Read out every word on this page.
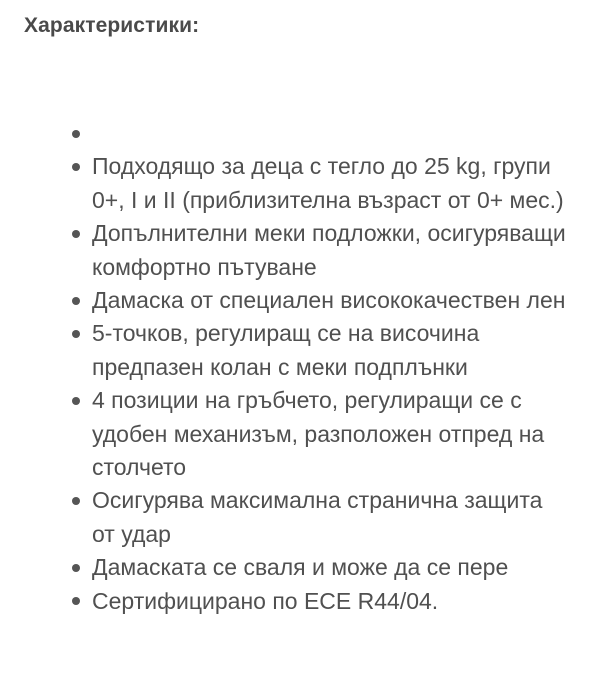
Характеристики:
Подходящо за деца с тегло до 25 kg, групи 0+, I и II (приблизителна възраст от 0+ мес.)
Допълнителни меки подложки, осигуряващи комфортно пътуване
Дамаска от специален висококачествен лен
5-точков, регулиращ се на височина предпазен колан с меки подплънки
4 позиции на гръбчето, регулиращи се с удобен механизъм, разположен отпред на столчето
Осигурява максимална странична защита от удар
Дамаската се сваля и може да се пере
Сертифицирано по ECE R44/04.
